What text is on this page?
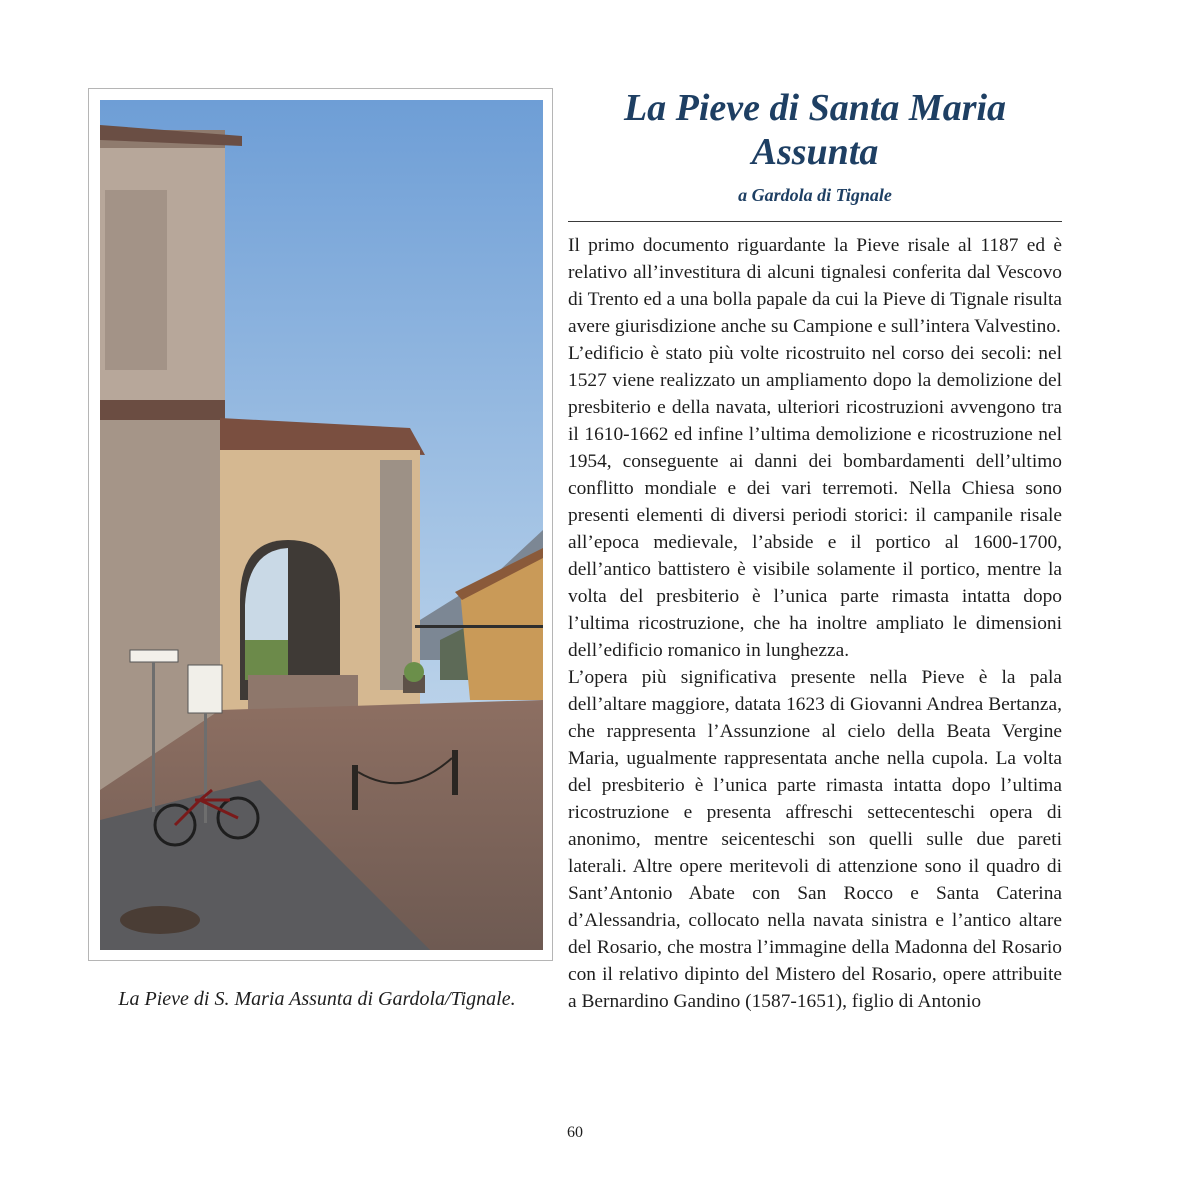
La Pieve di S. Maria Assunta di Gardola/Tignale.
La Pieve di Santa Maria Assunta
a Gardola di Tignale

Il primo documento riguardante la Pieve risale al 1187 ed è relativo all’investitura di alcuni tignalesi conferita dal Vescovo di Trento ed a una bolla papale da cui la Pieve di Tignale risulta avere giurisdizione anche su Campione e sull’intera Valvestino.

L’edificio è stato più volte ricostruito nel corso dei secoli: nel 1527 viene realizzato un ampliamento dopo la demolizione del presbiterio e della navata, ulteriori ricostruzioni avvengono tra il 1610-1662 ed infine l’ultima demolizione e ricostruzione nel 1954, conseguente ai danni dei bombardamenti dell’ultimo conflitto mondiale e dei vari terremoti. Nella Chiesa sono presenti elementi di diversi periodi storici: il campanile risale all’epoca medievale, l’abside e il portico al 1600-1700, dell’antico battistero è visibile solamente il portico, mentre la volta del presbiterio è l’unica parte rimasta intatta dopo l’ultima ricostruzione, che ha inoltre ampliato le dimensioni dell’edificio romanico in lunghezza.

L’opera più significativa presente nella Pieve è la pala dell’altare maggiore, datata 1623 di Giovanni Andrea Bertanza, che rappresenta l’Assunzione al cielo della Beata Vergine Maria, ugualmente rappresentata anche nella cupola. La volta del presbiterio è l’unica parte rimasta intatta dopo l’ultima ricostruzione e presenta affreschi settecenteschi opera di anonimo, mentre seicenteschi son quelli sulle due pareti laterali. Altre opere meritevoli di attenzione sono il quadro di Sant’Antonio Abate con San Rocco e Santa Caterina d’Alessandria, collocato nella navata sinistra e l’antico altare del Rosario, che mostra l’immagine della Madonna del Rosario con il relativo dipinto del Mistero del Rosario, opere attribuite a Bernardino Gandino (1587-1651), figlio di Antonio

60
